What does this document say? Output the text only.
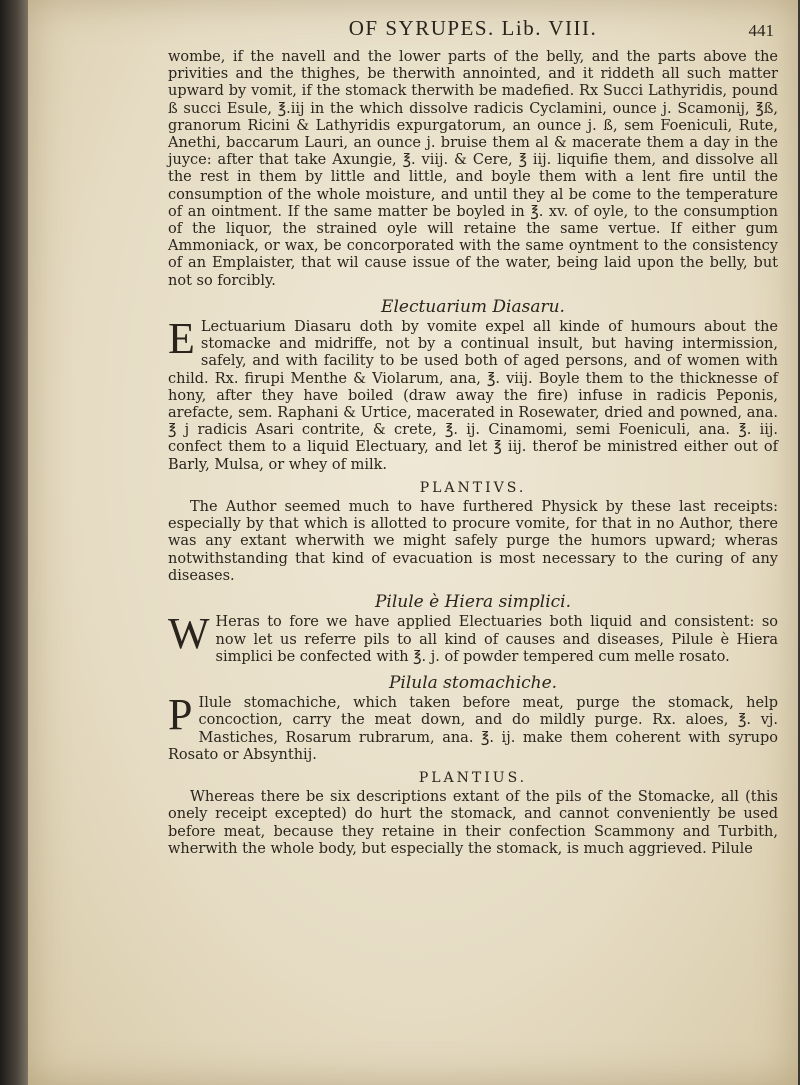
OF SYRUPES. Lib. VIII.	441

wombe, if the navell and the lower parts of the belly, and the parts above the privities and the thighes, be therwith annointed, and it riddeth all such matter upward by vomit, if the stomack therwith be madefied. Rx Succi Lathyridis, pound ß succi Esule, ℥.iij in the which dissolve radicis Cyclamini, ounce j. Scamonij, ℥ß, granorum Ricini & Lathyridis expurgatorum, an ounce j. ß, sem Foeniculi, Rute, Anethi, baccarum Lauri, an ounce j. bruise them al & macerate them a day in the juyce: after that take Axungie, ℥. viij. & Cere, ℥ iij. liquifie them, and dissolve all the rest in them by little and little, and boyle them with a lent fire until the consumption of the whole moisture, and until they al be come to the temperature of an ointment. If the same matter be boyled in ℥. xv. of oyle, to the consumption of the liquor, the strained oyle will retaine the same vertue. If either gum Ammoniack, or wax, be concorporated with the same oyntment to the consistency of an Emplaister, that wil cause issue of the water, being laid upon the belly, but not so forcibly.

Electuarium Diasaru.

E Lectuarium Diasaru doth by vomite expel all kinde of humours about the stomacke and midriffe, not by a continual insult, but having intermission, safely, and with facility to be used both of aged persons, and of women with child. Rx. firupi Menthe & Violarum, ana, ℥. viij. Boyle them to the thicknesse of hony, after they have boiled (draw away the fire) infuse in radicis Peponis, arefacte, sem. Raphani & Urtice, macerated in Rosewater, dried and powned, ana. ℥ j radicis Asari contrite, & crete, ℥. ij. Cinamomi, semi Foeniculi, ana. ℥. iij. confect them to a liquid Electuary, and let ℥ iij. therof be ministred either out of Barly, Mulsa, or whey of milk.

PLANTIVS.

The Author seemed much to have furthered Physick by these last receipts: especially by that which is allotted to procure vomite, for that in no Author, there was any extant wherwith we might safely purge the humors upward; wheras notwithstanding that kind of evacuation is most necessary to the curing of any diseases.

Pilule è Hiera simplici.

W Heras to fore we have applied Electuaries both liquid and consistent: so now let us referre pils to all kind of causes and diseases, Pilule è Hiera simplici be confected with ℥. j. of powder tempered cum melle rosato.

Pilula stomachiche.

P Ilule stomachiche, which taken before meat, purge the stomack, help concoction, carry the meat down, and do mildly purge. Rx. aloes, ℥. vj. Mastiches, Rosarum rubrarum, ana. ℥. ij. make them coherent with syrupo Rosato or Absynthij.

PLANTIUS.

Whereas there be six descriptions extant of the pils of the Stomacke, all (this onely receipt excepted) do hurt the stomack, and cannot conveniently be used before meat, because they retaine in their confection Scammony and Turbith, wherwith the whole body, but especially the stomack, is much aggrieved. Pilule
